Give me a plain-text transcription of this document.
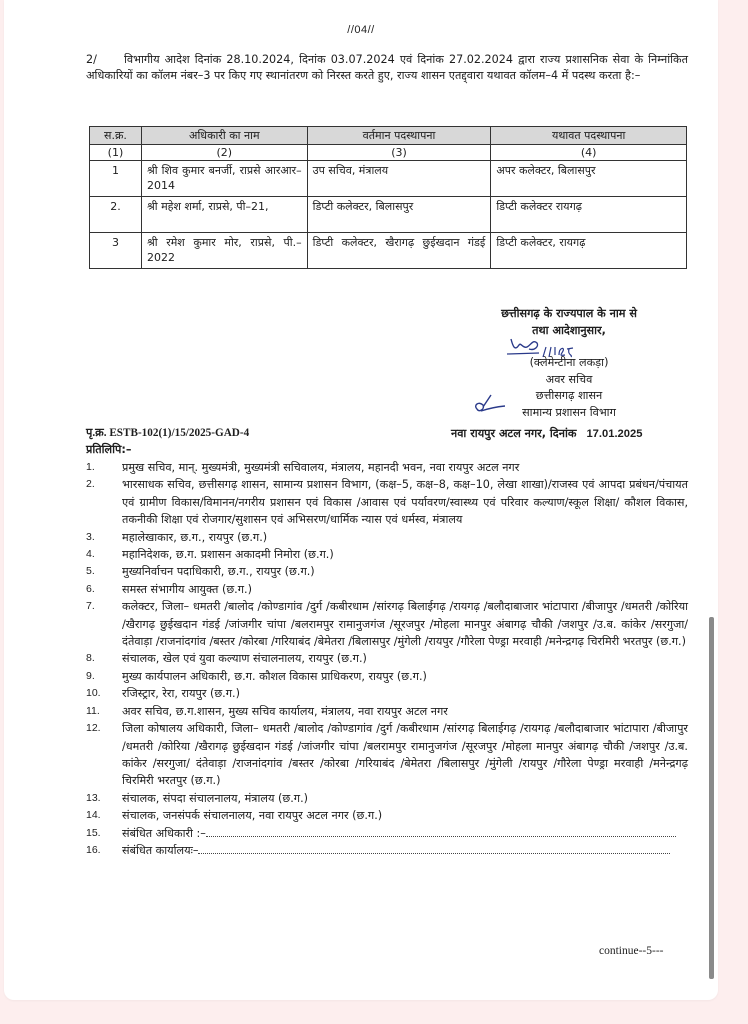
//04//
2/ विभागीय आदेश दिनांक 28.10.2024, दिनांक 03.07.2024 एवं दिनांक 27.02.2024 द्वारा राज्य प्रशासनिक सेवा के निम्नांकित अधिकारियों का कॉलम नंबर–3 पर किए गए स्थानांतरण को निरस्त करते हुए, राज्य शासन एतद्द्वारा यथावत कॉलम–4 में पदस्थ करता है:–
स.क्र.	अधिकारी का नाम	वर्तमान पदस्थापना	यथावत पदस्थापना
(1)	(2)	(3)	(4)
1	श्री शिव कुमार बनर्जी, राप्रसे आरआर–2014	उप सचिव, मंत्रालय	अपर कलेक्टर, बिलासपुर
2.	श्री महेश शर्मा, राप्रसे, पी–21,	डिप्टी कलेक्टर, बिलासपुर	डिप्टी कलेक्टर रायगढ़
3	श्री रमेश कुमार मोर, राप्रसे, पी.–2022	डिप्टी कलेक्टर, खैरागढ़ छुईखदान गंडई	डिप्टी कलेक्टर, रायगढ़
छत्तीसगढ़ के राज्यपाल के नाम से
तथा आदेशानुसार,
(क्लेमेन्टीना लकड़ा)
अवर सचिव
छत्तीसगढ़ शासन
सामान्य प्रशासन विभाग
पृ.क्र. ESTB-102(1)/15/2025-GAD-4	नवा रायपुर अटल नगर, दिनांक 17.01.2025
प्रतिलिपि:–
1.	प्रमुख सचिव, मान्. मुख्यमंत्री, मुख्यमंत्री सचिवालय, मंत्रालय, महानदी भवन, नवा रायपुर अटल नगर
2.	भारसाधक सचिव, छत्तीसगढ़ शासन, सामान्य प्रशासन विभाग, (कक्ष–5, कक्ष–8, कक्ष–10, लेखा शाखा)/राजस्व एवं आपदा प्रबंधन/पंचायत एवं ग्रामीण विकास/विमानन/नगरीय प्रशासन एवं विकास /आवास एवं पर्यावरण/स्वास्थ्य एवं परिवार कल्याण/स्कूल शिक्षा/ कौशल विकास, तकनीकी शिक्षा एवं रोजगार/सुशासन एवं अभिसरण/धार्मिक न्यास एवं धर्मस्व, मंत्रालय
3.	महालेखाकार, छ.ग., रायपुर (छ.ग.)
4.	महानिदेशक, छ.ग. प्रशासन अकादमी निमोरा (छ.ग.)
5.	मुख्यनिर्वाचन पदाधिकारी, छ.ग., रायपुर (छ.ग.)
6.	समस्त संभागीय आयुक्त (छ.ग.)
7.	कलेक्टर, जिला– धमतरी /बालोद /कोण्डागांव /दुर्ग /कबीरधाम /सांरगढ़ बिलाईगढ़ /रायगढ़ /बलौदाबाजार भांटापारा /बीजापुर /धमतरी /कोरिया /खैरागढ़ छुईखदान गंडई /जांजगीर चांपा /बलरामपुर रामानुजगंज /सूरजपुर /मोहला मानपुर अंबागढ़ चौकी /जशपुर /उ.ब. कांकेर /सरगुजा/ दंतेवाड़ा /राजनांदगांव /बस्तर /कोरबा /गरियाबंद /बेमेतरा /बिलासपुर /मुंगेली /रायपुर /गौरेला पेण्ड्रा मरवाही /मनेन्द्रगढ़ चिरमिरी भरतपुर (छ.ग.)
8.	संचालक, खेल एवं युवा कल्याण संचालनालय, रायपुर (छ.ग.)
9.	मुख्य कार्यपालन अधिकारी, छ.ग. कौशल विकास प्राधिकरण, रायपुर (छ.ग.)
10.	रजिस्ट्रार, रेरा, रायपुर (छ.ग.)
11.	अवर सचिव, छ.ग.शासन, मुख्य सचिव कार्यालय, मंत्रालय, नवा रायपुर अटल नगर
12.	जिला कोषालय अधिकारी, जिला– धमतरी /बालोद /कोण्डागांव /दुर्ग /कबीरधाम /सांरगढ़ बिलाईगढ़ /रायगढ़ /बलौदाबाजार भांटापारा /बीजापुर /धमतरी /कोरिया /खैरागढ़ छुईखदान गंडई /जांजगीर चांपा /बलरामपुर रामानुजगंज /सूरजपुर /मोहला मानपुर अंबागढ़ चौकी /जशपुर /उ.ब. कांकेर /सरगुजा/ दंतेवाड़ा /राजनांदगांव /बस्तर /कोरबा /गरियाबंद /बेमेतरा /बिलासपुर /मुंगेली /रायपुर /गौरेला पेण्ड्रा मरवाही /मनेन्द्रगढ़ चिरमिरी भरतपुर (छ.ग.)
13.	संचालक, संपदा संचालनालय, मंत्रालय (छ.ग.)
14.	संचालक, जनसंपर्क संचालनालय, नवा रायपुर अटल नगर (छ.ग.)
15.	संबंधित अधिकारी :–
16.	संबंधित कार्यालयः–
continue--5---
